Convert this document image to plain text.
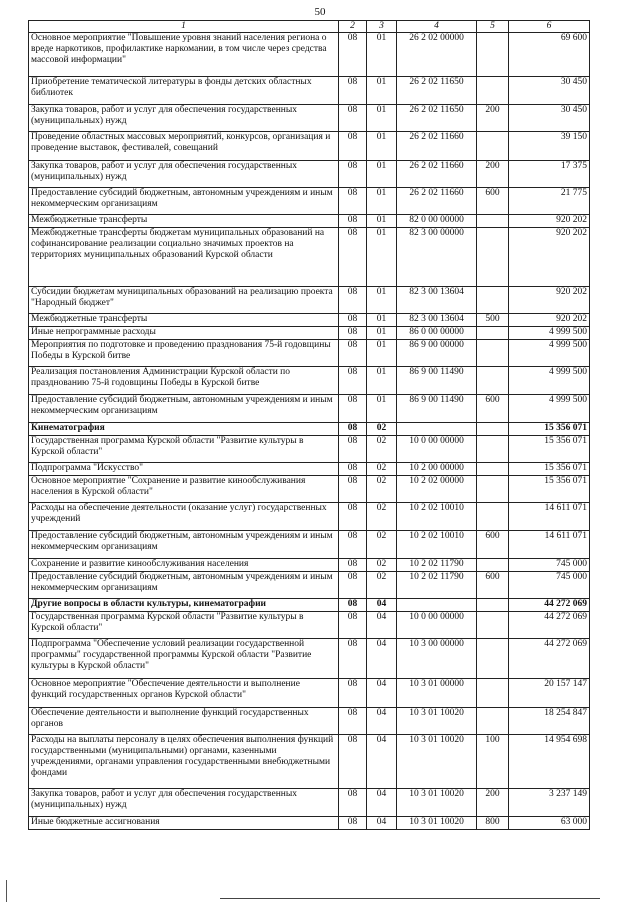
50
1	2	3	4	5	6
Основное мероприятие "Повышение уровня знаний населения региона о вреде наркотиков, профилактике наркомании, в том числе через средства массовой информации"	08	01	26 2 02 00000		69 600
Приобретение тематической литературы в фонды детских областных библиотек	08	01	26 2 02 11650		30 450
Закупка товаров, работ и услуг для обеспечения государственных (муниципальных) нужд	08	01	26 2 02 11650	200	30 450
Проведение областных массовых мероприятий, конкурсов, организация и проведение выставок, фестивалей, совещаний	08	01	26 2 02 11660		39 150
Закупка товаров, работ и услуг для обеспечения государственных (муниципальных) нужд	08	01	26 2 02 11660	200	17 375
Предоставление субсидий бюджетным, автономным учреждениям и иным некоммерческим организациям	08	01	26 2 02 11660	600	21 775
Межбюджетные трансферты	08	01	82 0 00 00000		920 202
Межбюджетные трансферты бюджетам муниципальных образований на софинансирование реализации социально значимых проектов на территориях муниципальных образований Курской области	08	01	82 3 00 00000		920 202
Субсидии бюджетам муниципальных образований на реализацию проекта "Народный бюджет"	08	01	82 3 00 13604		920 202
Межбюджетные трансферты	08	01	82 3 00 13604	500	920 202
Иные непрограммные расходы	08	01	86 0 00 00000		4 999 500
Мероприятия по подготовке и проведению празднования 75-й годовщины Победы в Курской битве	08	01	86 9 00 00000		4 999 500
Реализация постановления Администрации Курской области по празднованию 75-й годовщины Победы в Курской битве	08	01	86 9 00 11490		4 999 500
Предоставление субсидий бюджетным, автономным учреждениям и иным некоммерческим организациям	08	01	86 9 00 11490	600	4 999 500
Кинематография	08	02			15 356 071
Государственная программа Курской области "Развитие культуры в Курской области"	08	02	10 0 00 00000		15 356 071
Подпрограмма "Искусство"	08	02	10 2 00 00000		15 356 071
Основное мероприятие "Сохранение и развитие кинообслуживания населения в Курской области"	08	02	10 2 02 00000		15 356 071
Расходы на обеспечение деятельности (оказание услуг) государственных учреждений	08	02	10 2 02 10010		14 611 071
Предоставление субсидий бюджетным, автономным учреждениям и иным некоммерческим организациям	08	02	10 2 02 10010	600	14 611 071
Сохранение и развитие кинообслуживания населения	08	02	10 2 02 11790		745 000
Предоставление субсидий бюджетным, автономным учреждениям и иным некоммерческим организациям	08	02	10 2 02 11790	600	745 000
Другие вопросы в области культуры, кинематографии	08	04			44 272 069
Государственная программа Курской области "Развитие культуры в Курской области"	08	04	10 0 00 00000		44 272 069
Подпрограмма "Обеспечение условий реализации государственной программы" государственной программы Курской области "Развитие культуры в Курской области"	08	04	10 3 00 00000		44 272 069
Основное мероприятие "Обеспечение деятельности и выполнение функций государственных органов Курской области"	08	04	10 3 01 00000		20 157 147
Обеспечение деятельности и выполнение функций государственных органов	08	04	10 3 01 10020		18 254 847
Расходы на выплаты персоналу в целях обеспечения выполнения функций государственными (муниципальными) органами, казенными учреждениями, органами управления государственными внебюджетными фондами	08	04	10 3 01 10020	100	14 954 698
Закупка товаров, работ и услуг для обеспечения государственных (муниципальных) нужд	08	04	10 3 01 10020	200	3 237 149
Иные бюджетные ассигнования	08	04	10 3 01 10020	800	63 000
